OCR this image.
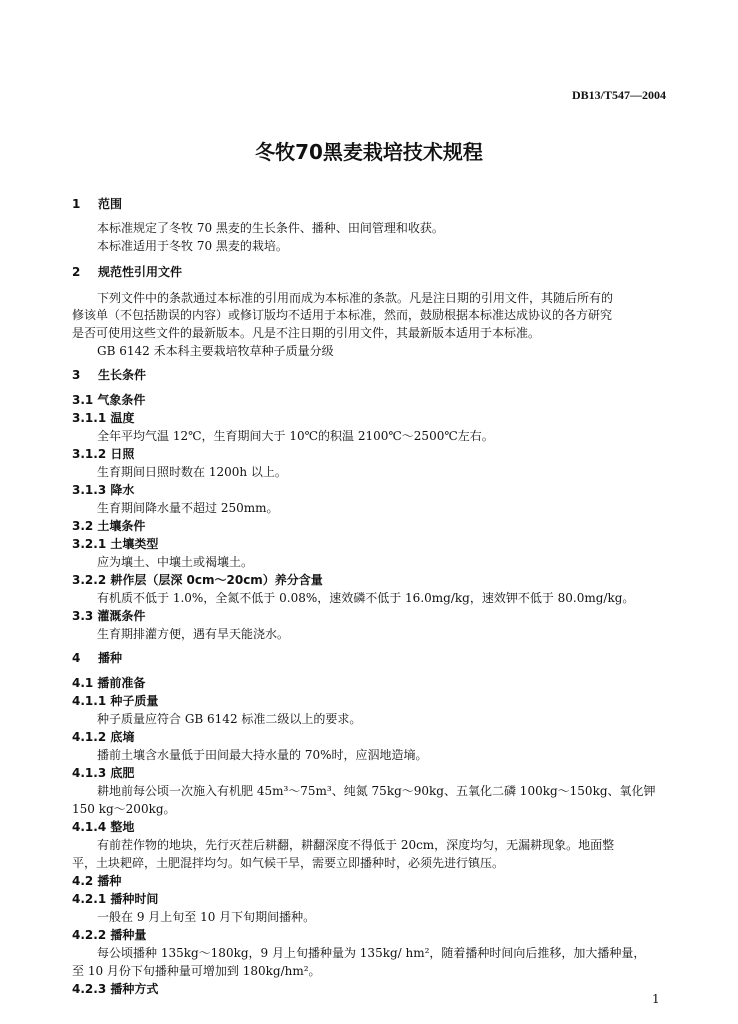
DB13/T547—2004
冬牧70黑麦栽培技术规程
1 范围
本标准规定了冬牧 70 黑麦的生长条件、播种、田间管理和收获。
本标准适用于冬牧 70 黑麦的栽培。
2 规范性引用文件
下列文件中的条款通过本标准的引用而成为本标准的条款。凡是注日期的引用文件，其随后所有的
修该单（不包括勘误的内容）或修订版均不适用于本标准，然而，鼓励根据本标准达成协议的各方研究
是否可使用这些文件的最新版本。凡是不注日期的引用文件，其最新版本适用于本标准。
GB 6142 禾本科主要栽培牧草种子质量分级
3 生长条件
3.1 气象条件
3.1.1 温度
全年平均气温 12℃，生育期间大于 10℃的积温 2100℃～2500℃左右。
3.1.2 日照
生育期间日照时数在 1200h 以上。
3.1.3 降水
生育期间降水量不超过 250mm。
3.2 土壤条件
3.2.1 土壤类型
应为壤土、中壤土或褐壤土。
3.2.2 耕作层（层深 0cm～20cm）养分含量
有机质不低于 1.0%，全氮不低于 0.08%，速效磷不低于 16.0mg/kg，速效钾不低于 80.0mg/kg。
3.3 灌溉条件
生育期排灌方便，遇有旱天能浇水。
4 播种
4.1 播前准备
4.1.1 种子质量
种子质量应符合 GB 6142 标准二级以上的要求。
4.1.2 底墒
播前土壤含水量低于田间最大持水量的 70%时，应泅地造墒。
4.1.3 底肥
耕地前每公顷一次施入有机肥 45m³～75m³、纯氮 75kg～90kg、五氧化二磷 100kg～150kg、氧化钾
150 kg～200kg。
4.1.4 整地
有前茬作物的地块，先行灭茬后耕翻，耕翻深度不得低于 20cm，深度均匀，无漏耕现象。地面整
平，土块耙碎，土肥混拌均匀。如气候干旱，需要立即播种时，必须先进行镇压。
4.2 播种
4.2.1 播种时间
一般在 9 月上旬至 10 月下旬期间播种。
4.2.2 播种量
每公顷播种 135kg～180kg，9 月上旬播种量为 135kg/ hm²，随着播种时间向后推移，加大播种量，
至 10 月份下旬播种量可增加到 180kg/hm²。
4.2.3 播种方式
1
